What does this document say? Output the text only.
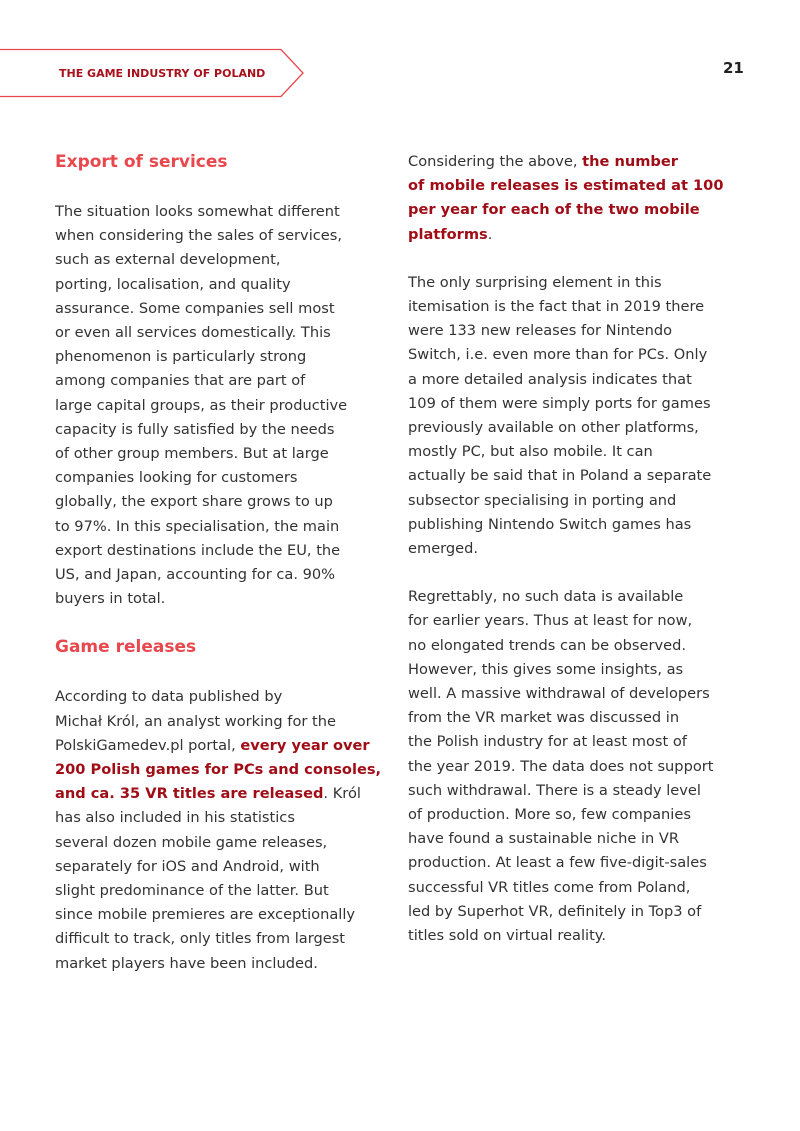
THE GAME INDUSTRY OF POLAND	21
Export of services

The situation looks somewhat different
when considering the sales of services,
such as external development,
porting, localisation, and quality
assurance. Some companies sell most
or even all services domestically. This
phenomenon is particularly strong
among companies that are part of
large capital groups, as their productive
capacity is fully satisfied by the needs
of other group members. But at large
companies looking for customers
globally, the export share grows to up
to 97%. In this specialisation, the main
export destinations include the EU, the
US, and Japan, accounting for ca. 90%
buyers in total.

Game releases

According to data published by
Michał Król, an analyst working for the
PolskiGamedev.pl portal, every year over
200 Polish games for PCs and consoles,
and ca. 35 VR titles are released. Król
has also included in his statistics
several dozen mobile game releases,
separately for iOS and Android, with
slight predominance of the latter. But
since mobile premieres are exceptionally
difficult to track, only titles from largest
market players have been included.

Considering the above, the number
of mobile releases is estimated at 100
per year for each of the two mobile
platforms.

The only surprising element in this
itemisation is the fact that in 2019 there
were 133 new releases for Nintendo
Switch, i.e. even more than for PCs. Only
a more detailed analysis indicates that
109 of them were simply ports for games
previously available on other platforms,
mostly PC, but also mobile. It can
actually be said that in Poland a separate
subsector specialising in porting and
publishing Nintendo Switch games has
emerged.

Regrettably, no such data is available
for earlier years. Thus at least for now,
no elongated trends can be observed.
However, this gives some insights, as
well. A massive withdrawal of developers
from the VR market was discussed in
the Polish industry for at least most of
the year 2019. The data does not support
such withdrawal. There is a steady level
of production. More so, few companies
have found a sustainable niche in VR
production. At least a few five-digit-sales
successful VR titles come from Poland,
led by Superhot VR, definitely in Top3 of
titles sold on virtual reality.
